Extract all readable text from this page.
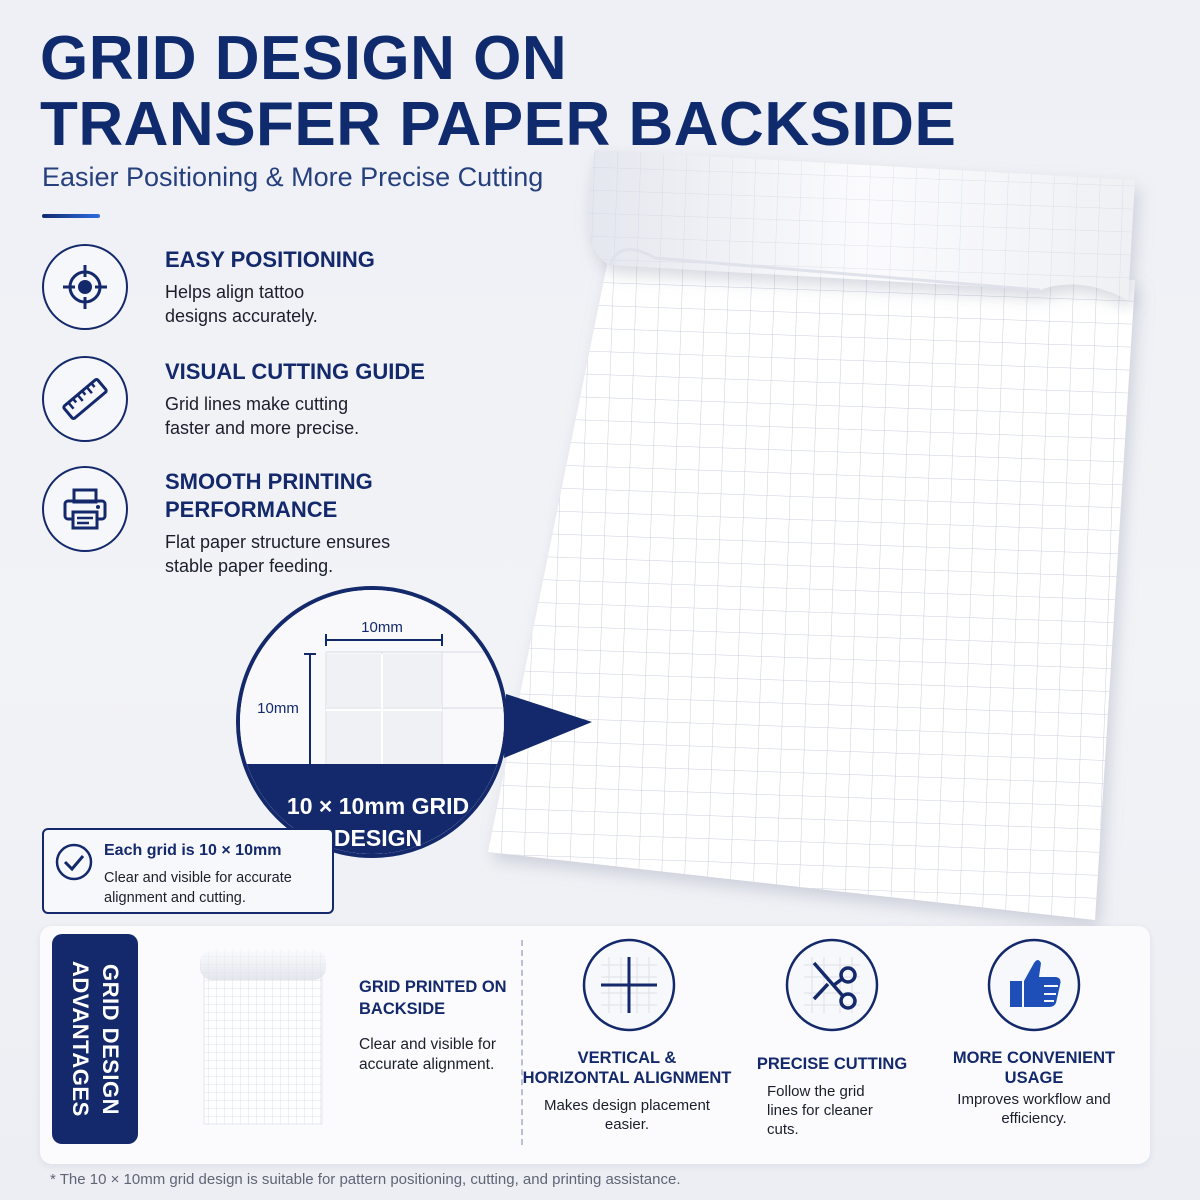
GRID DESIGN ON
TRANSFER PAPER BACKSIDE
Easier Positioning & More Precise Cutting
EASY POSITIONING

Helps align tattoo
designs accurately.

VISUAL CUTTING GUIDE

Grid lines make cutting
faster and more precise.

SMOOTH PRINTING
PERFORMANCE

Flat paper structure ensures
stable paper feeding.

10mm
10mm
10 × 10mm GRID
DESIGN
Each grid is 10 × 10mm

Clear and visible for accurate alignment and cutting.

GRID DESIGN
ADVANTAGES	GRID PRINTED ON BACKSIDE
Clear and visible for accurate alignment.	VERTICAL & HORIZONTAL ALIGNMENT

Makes design placement easier.

PRECISE CUTTING

Follow the grid lines for cleaner cuts.

MORE CONVENIENT USAGE

Improves workflow and efficiency.

* The 10 × 10mm grid design is suitable for pattern positioning, cutting, and printing assistance.
